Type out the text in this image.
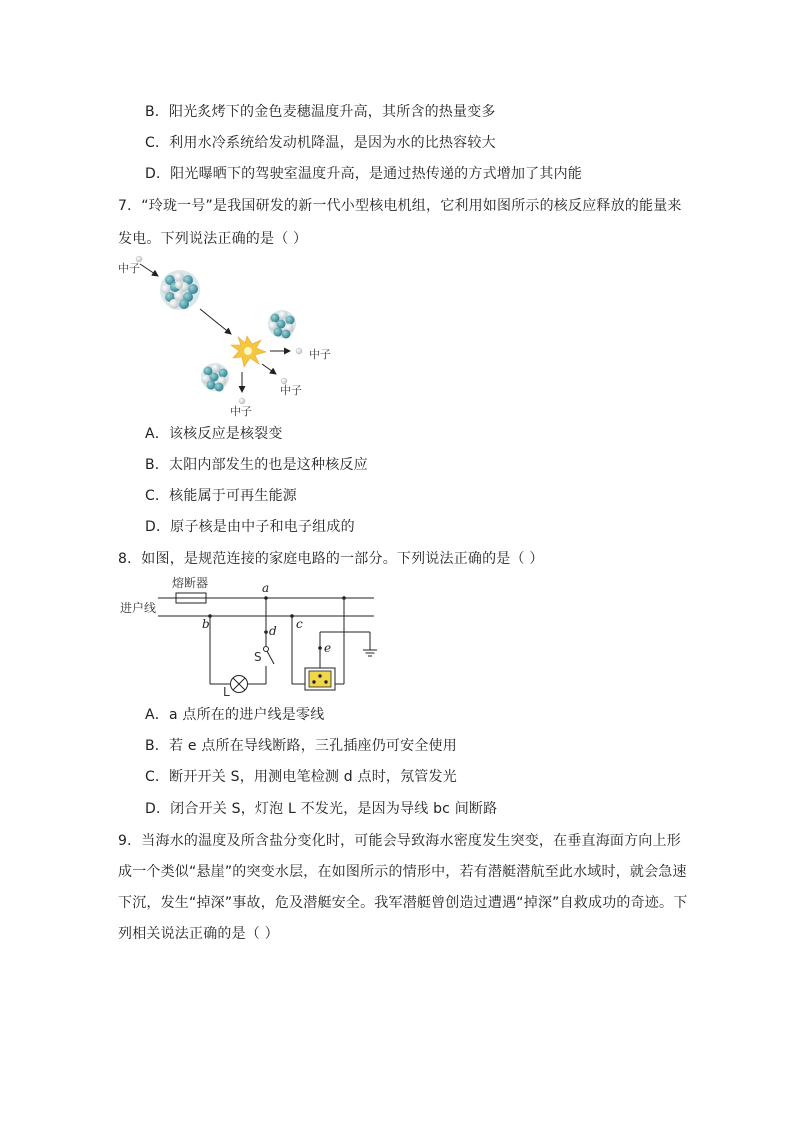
B．阳光炙烤下的金色麦穗温度升高，其所含的热量变多
C．利用水冷系统给发动机降温，是因为水的比热容较大
D．阳光曝晒下的驾驶室温度升高，是通过热传递的方式增加了其内能
7．“玲珑一号”是我国研发的新一代小型核电机组，它利用如图所示的核反应释放的能量来
发电。下列说法正确的是（ ）
中子
中子
中子
中子
A．该核反应是核裂变
B．太阳内部发生的也是这种核反应
C．核能属于可再生能源
D．原子核是由中子和电子组成的
8．如图，是规范连接的家庭电路的一部分。下列说法正确的是（ ）
进户线
熔断器	a
d
S
b
L
c
e
A．a 点所在的进户线是零线
B．若 e 点所在导线断路，三孔插座仍可安全使用
C．断开开关 S，用测电笔检测 d 点时，氖管发光
D．闭合开关 S，灯泡 L 不发光，是因为导线 bc 间断路
9．当海水的温度及所含盐分变化时，可能会导致海水密度发生突变，在垂直海面方向上形
成一个类似“悬崖”的突变水层，在如图所示的情形中，若有潜艇潜航至此水域时，就会急速
下沉，发生“掉深”事故，危及潜艇安全。我军潜艇曾创造过遭遇“掉深”自救成功的奇迹。下
列相关说法正确的是（ ）
